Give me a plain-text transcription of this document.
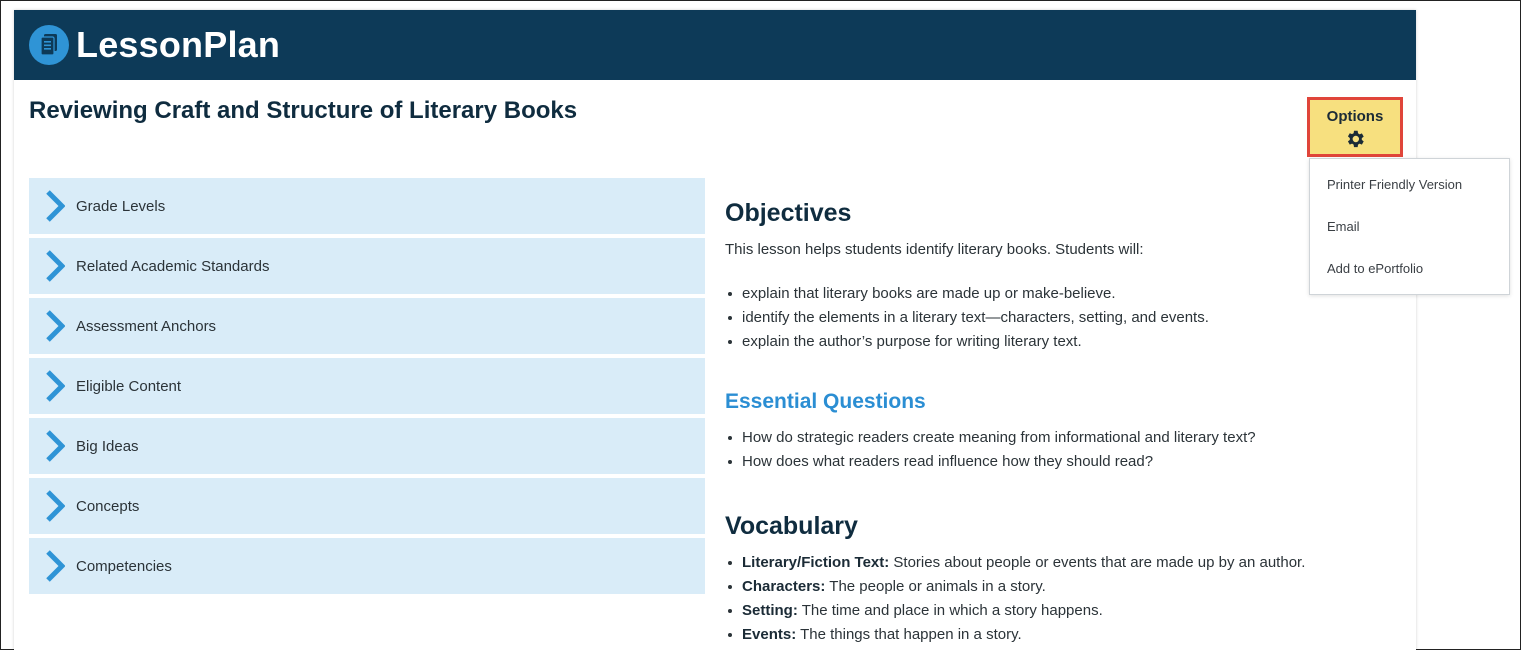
LessonPlan
Reviewing Craft and Structure of Literary Books	Options
Printer Friendly Version
Email
Add to ePortfolio
Grade Levels
Related Academic Standards
Assessment Anchors
Eligible Content
Big Ideas
Concepts
Competencies
Objectives
This lesson helps students identify literary books. Students will:
explain that literary books are made up or make-believe.
identify the elements in a literary text—characters, setting, and events.
explain the author’s purpose for writing literary text.
Essential Questions
How do strategic readers create meaning from informational and literary text?
How does what readers read influence how they should read?
Vocabulary
Literary/Fiction Text: Stories about people or events that are made up by an author.
Characters: The people or animals in a story.
Setting: The time and place in which a story happens.
Events: The things that happen in a story.
